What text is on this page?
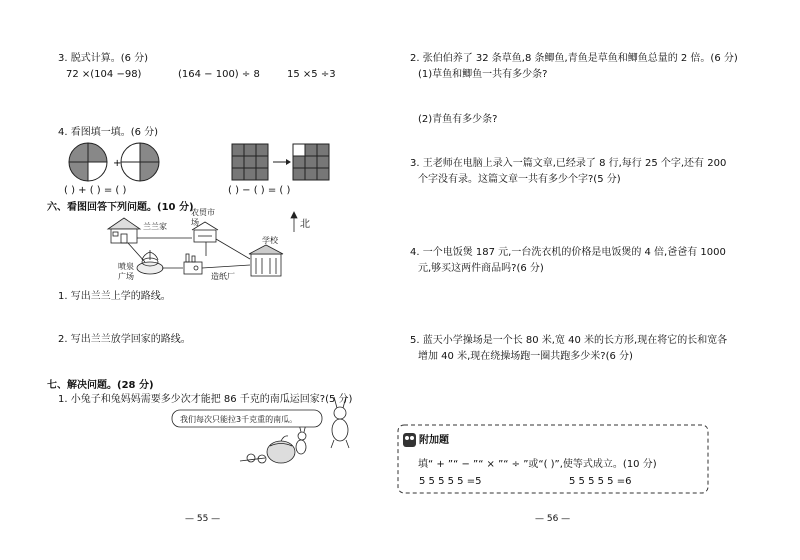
+
3. 脱式计算。(6 分)
72 ×(104 −98)	(164 − 100) ÷ 8	15 ×5 ÷3
4. 看图填一填。(6 分)
( ) + ( ) = ( )	( ) − ( ) = ( )
六、看图回答下列问题。(10 分)
北
兰兰家
农贸市场
学校
喷泉广场	造纸厂
1. 写出兰兰上学的路线。
2. 写出兰兰放学回家的路线。
七、解决问题。(28 分)
1. 小兔子和兔妈妈需要多少次才能把 86 千克的南瓜运回家?(5 分)
我们每次只能拉3千克重的南瓜。
— 55 —
2. 张伯伯养了 32 条草鱼,8 条鲫鱼,青鱼是草鱼和鲫鱼总量的 2 倍。(6 分)
(1)草鱼和鲫鱼一共有多少条?
(2)青鱼有多少条?
3. 王老师在电脑上录入一篇文章,已经录了 8 行,每行 25 个字,还有 200
个字没有录。这篇文章一共有多少个字?(5 分)
4. 一个电饭煲 187 元,一台洗衣机的价格是电饭煲的 4 倍,爸爸有 1000
元,够买这两件商品吗?(6 分)
5. 蓝天小学操场是一个长 80 米,宽 40 米的长方形,现在将它的长和宽各
增加 40 米,现在绕操场跑一圈共跑多少米?(6 分)
附加题
填“ + ”“ − ”“ × ”“ ÷ ”或“( )”,使等式成立。(10 分)
5 5 5 5 5 =5	5 5 5 5 5 =6
— 56 —
